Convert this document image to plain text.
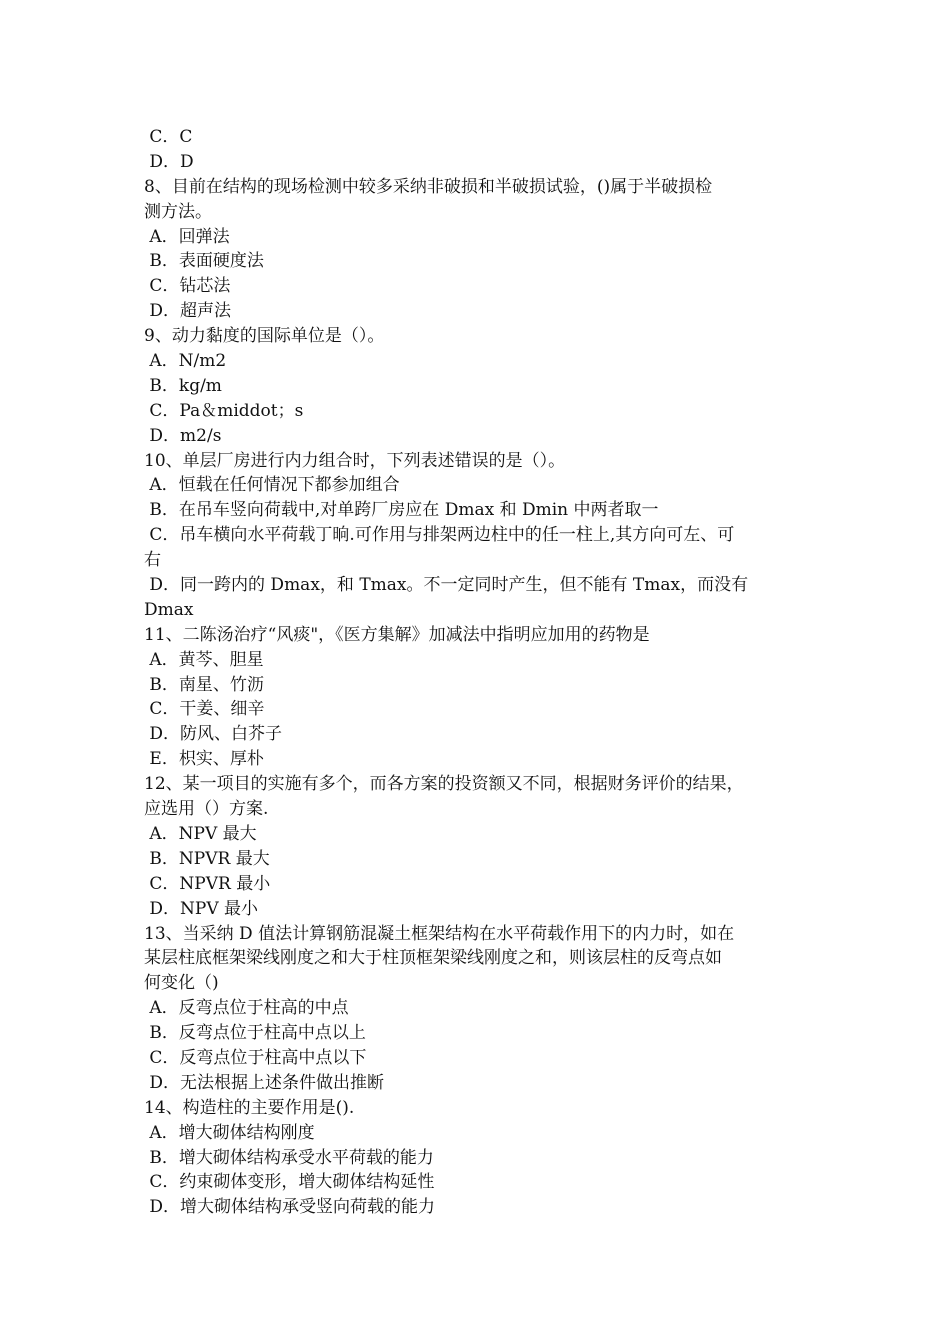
C．C
D．D
8、目前在结构的现场检测中较多采纳非破损和半破损试验，()属于半破损检
测方法。
A．回弹法
B．表面硬度法
C．钻芯法
D．超声法
9、动力黏度的国际单位是（）。
A．N/m2
B．kg/m
C．Pa＆middot；s
D．m2/s
10、单层厂房进行内力组合时，下列表述错误的是（）。
A．恒载在任何情况下都参加组合
B．在吊车竖向荷载中,对单跨厂房应在 Dmax 和 Dmin 中两者取一
C．吊车横向水平荷载丁晌.可作用与排架两边柱中的任一柱上,其方向可左、可
右
D．同一跨内的 Dmax，和 Tmax。不一定同时产生，但不能有 Tmax，而没有
Dmax
11、二陈汤治疗“风痰"，《医方集解》加减法中指明应加用的药物是
A．黄芩、胆星
B．南星、竹沥
C．干姜、细辛
D．防风、白芥子
E．枳实、厚朴
12、某一项目的实施有多个，而各方案的投资额又不同，根据财务评价的结果，
应选用（）方案.
A．NPV 最大
B．NPVR 最大
C．NPVR 最小
D．NPV 最小
13、当采纳 D 值法计算钢筋混凝土框架结构在水平荷载作用下的内力时，如在
某层柱底框架梁线刚度之和大于柱顶框架梁线刚度之和，则该层柱的反弯点如
何变化（)
A．反弯点位于柱高的中点
B．反弯点位于柱高中点以上
C．反弯点位于柱高中点以下
D．无法根据上述条件做出推断
14、构造柱的主要作用是().
A．增大砌体结构刚度
B．增大砌体结构承受水平荷载的能力
C．约束砌体变形，增大砌体结构延性
D．增大砌体结构承受竖向荷载的能力
